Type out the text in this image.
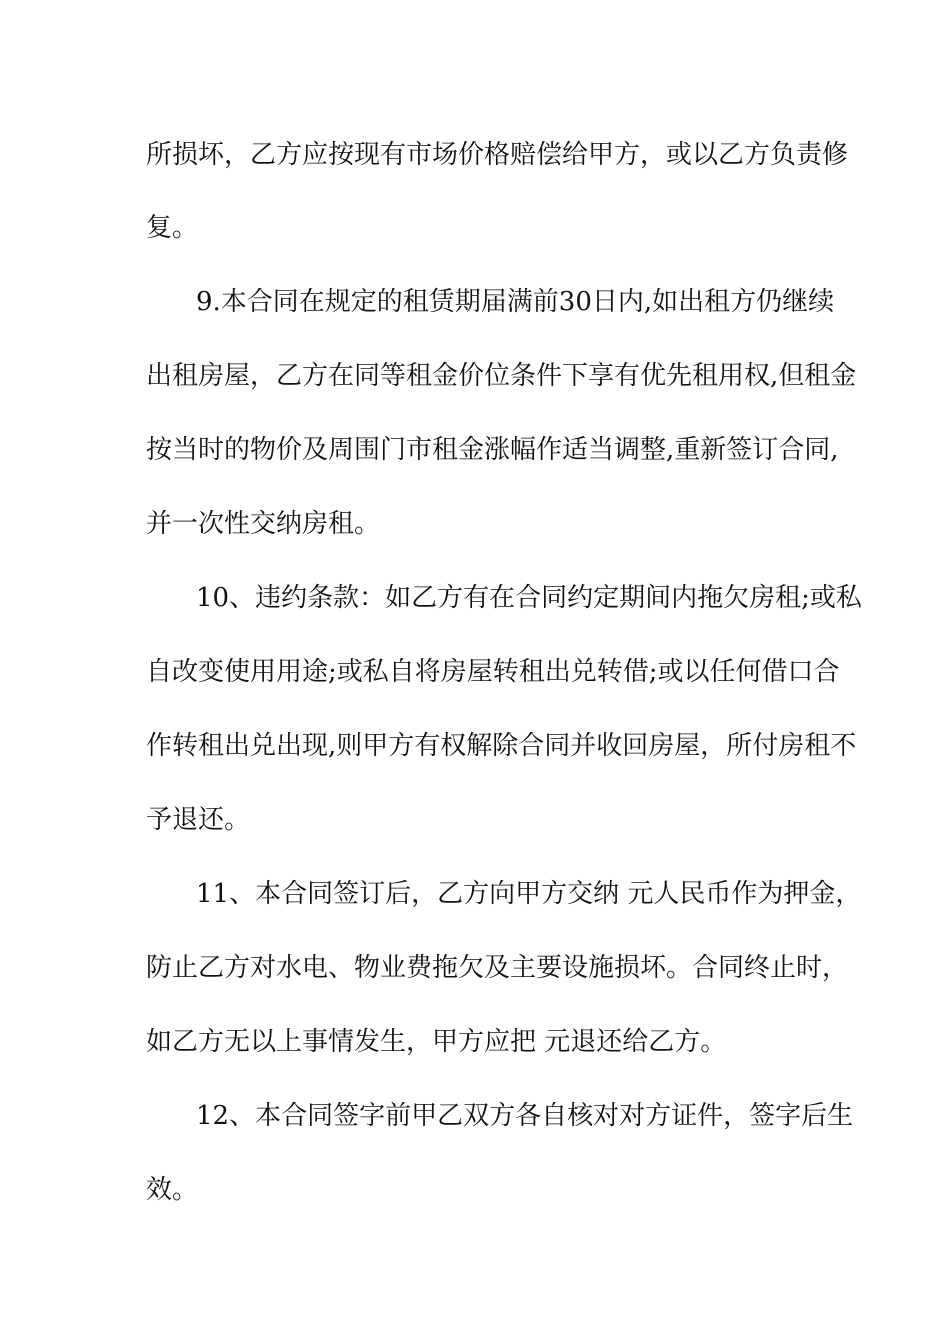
所损坏，乙方应按现有市场价格赔偿给甲方，或以乙方负责修
复。
9.本合同在规定的租赁期届满前30日内,如出租方仍继续
出租房屋，乙方在同等租金价位条件下享有优先租用权,但租金
按当时的物价及周围门市租金涨幅作适当调整,重新签订合同,
并一次性交纳房租。
10、违约条款：如乙方有在合同约定期间内拖欠房租;或私
自改变使用用途;或私自将房屋转租出兑转借;或以任何借口合
作转租出兑出现,则甲方有权解除合同并收回房屋，所付房租不
予退还。
11、本合同签订后，乙方向甲方交纳 元人民币作为押金，
防止乙方对水电、物业费拖欠及主要设施损坏。合同终止时，
如乙方无以上事情发生，甲方应把 元退还给乙方。
12、本合同签字前甲乙双方各自核对对方证件，签字后生
效。
